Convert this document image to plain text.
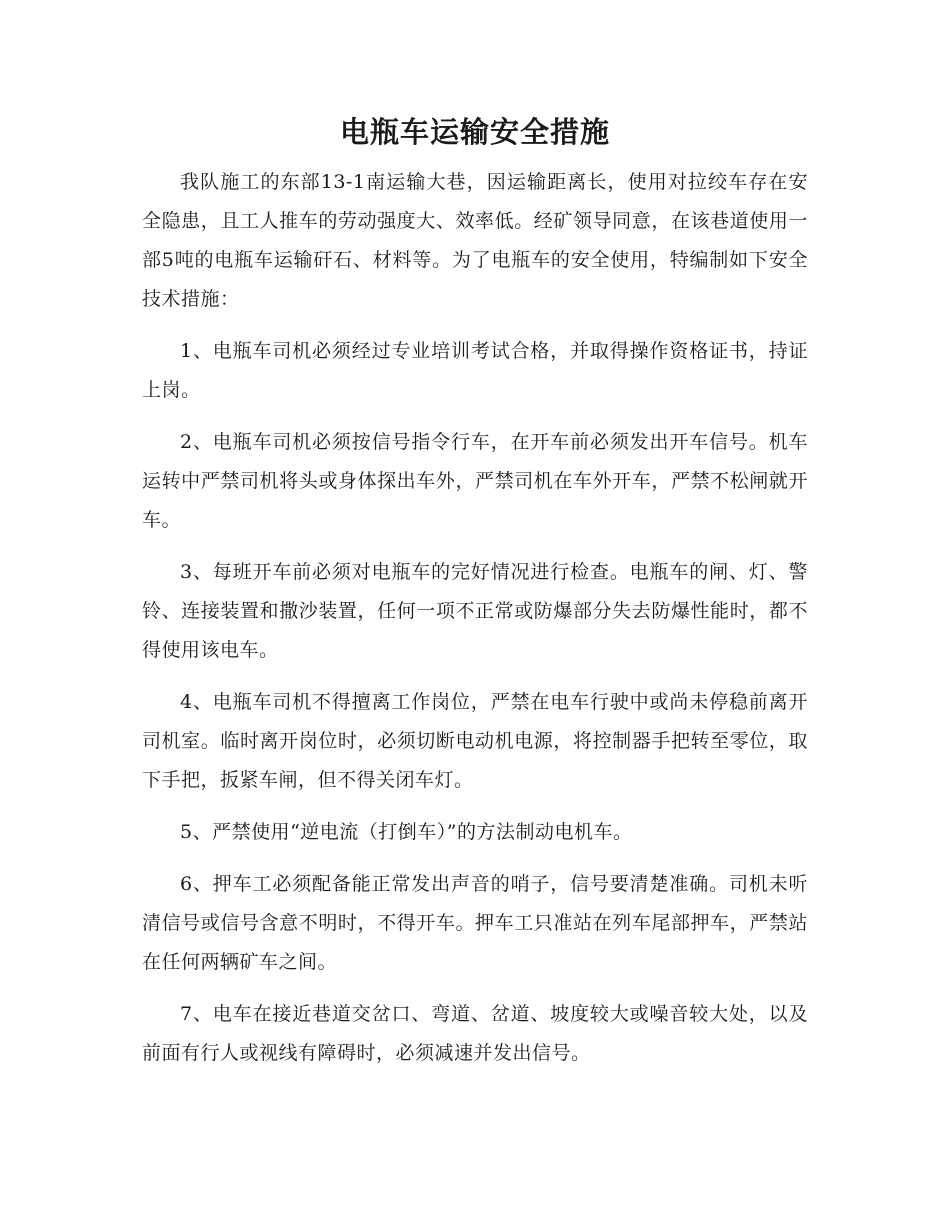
电瓶车运输安全措施

我队施工的东部13-1南运输大巷，因运输距离长，使用对拉绞车存在安全隐患，且工人推车的劳动强度大、效率低。经矿领导同意，在该巷道使用一部5吨的电瓶车运输矸石、材料等。为了电瓶车的安全使用，特编制如下安全技术措施：

1、电瓶车司机必须经过专业培训考试合格，并取得操作资格证书，持证上岗。

2、电瓶车司机必须按信号指令行车，在开车前必须发出开车信号。机车运转中严禁司机将头或身体探出车外，严禁司机在车外开车，严禁不松闸就开车。

3、每班开车前必须对电瓶车的完好情况进行检查。电瓶车的闸、灯、警铃、连接装置和撒沙装置，任何一项不正常或防爆部分失去防爆性能时，都不得使用该电车。

4、电瓶车司机不得擅离工作岗位，严禁在电车行驶中或尚未停稳前离开司机室。临时离开岗位时，必须切断电动机电源，将控制器手把转至零位，取下手把，扳紧车闸，但不得关闭车灯。

5、严禁使用“逆电流（打倒车）”的方法制动电机车。

6、押车工必须配备能正常发出声音的哨子，信号要清楚准确。司机未听清信号或信号含意不明时，不得开车。押车工只准站在列车尾部押车，严禁站在任何两辆矿车之间。

7、电车在接近巷道交岔口、弯道、岔道、坡度较大或噪音较大处，以及前面有行人或视线有障碍时，必须减速并发出信号。
